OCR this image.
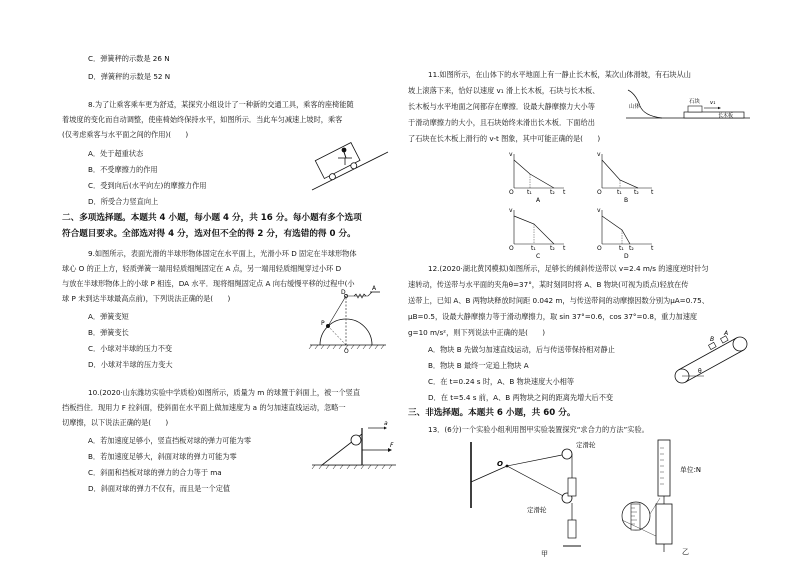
C．弹簧秤的示数是 26 N
D．弹簧秤的示数是 52 N
8.为了让乘客乘车更为舒适，某探究小组设计了一种新的交通工具，乘客的座椅能随
着坡度的变化而自动调整，使座椅始终保持水平，如图所示．当此车匀减速上坡时，乘客
(仅考虑乘客与水平面之间的作用)(　　)
A．处于超重状态
B．不受摩擦力的作用
C．受到向后(水平向左)的摩擦力作用
D．所受合力竖直向上
二、多项选择题。本题共 4 小题，每小题 4 分，共 16 分。每小题有多个选项
符合题目要求。全部选对得 4 分，选对但不全的得 2 分，有选错的得 0 分。
9.如图所示，表面光滑的半球形物体固定在水平面上，光滑小环 D 固定在半球形物体
球心 O 的正上方，轻质弹簧一端用轻质细绳固定在 A 点，另一端用轻质细绳穿过小环 D
与放在半球形物体上的小球 P 相连，DA 水平．现将细绳固定点 A 向右缓慢平移的过程中(小
球 P 未到达半球最高点前)，下列说法正确的是(　　)
A．弹簧变短
B．弹簧变长
C．小球对半球的压力不变
D．小球对半球的压力变大
D
A
P
O
10.(2020·山东潍坊实验中学质检)如图所示，质量为 m 的球置于斜面上，被一个竖直
挡板挡住．现用力 F 拉斜面，使斜面在水平面上做加速度为 a 的匀加速直线运动，忽略一
切摩擦，以下说法正确的是(　　)
A．若加速度足够小，竖直挡板对球的弹力可能为零
B．若加速度足够大，斜面对球的弹力可能为零
C．斜面和挡板对球的弹力的合力等于 ma
D．斜面对球的弹力不仅有，而且是一个定值
a
F
11.如图所示，在山体下的水平地面上有一静止长木板，某次山体滑坡，有石块从山
坡上滚落下来，恰好以速度 v₁ 滑上长木板，石块与长木板、
长木板与水平地面之间都存在摩擦．设最大静摩擦力大小等
于滑动摩擦力的大小，且石块始终未滑出长木板．下面给出
了石块在长木板上滑行的 v-t 图象，其中可能正确的是(　　)
山体
石块 v₁
长木板
v
t
O t₁	t₂
A
v
t
O	t₁ t₂
B
v
t
O	t₁ t₂
C
v
t
O	t₁ t₂
D
12.(2020·湖北黄冈模拟)如图所示，足够长的倾斜传送带以 v=2.4 m/s 的速度逆时针匀
速转动，传送带与水平面的夹角θ=37°，某时刻同时将 A、B 物块(可视为质点)轻放在传
送带上，已知 A、B 两物块释放时间距 0.042 m，与传送带间的动摩擦因数分别为μA=0.75、
μB=0.5，设最大静摩擦力等于滑动摩擦力，取 sin 37°=0.6，cos 37°=0.8，重力加速度
g=10 m/s²，则下列说法中正确的是(　　)
A．物块 B 先做匀加速直线运动，后与传送带保持相对静止
B．物块 B 最终一定追上物块 A
C．在 t=0.24 s 时，A、B 物块速度大小相等
D．在 t=5.4 s 前，A、B 两物块之间的距离先增大后不变
B
A
θ
三、非选择题。本题共 6 小题，共 60 分。
13．(6分)一个实验小组利用图甲实验装置探究“求合力的方法”实验。
定滑轮
定滑轮
O
甲
单位:N
乙
